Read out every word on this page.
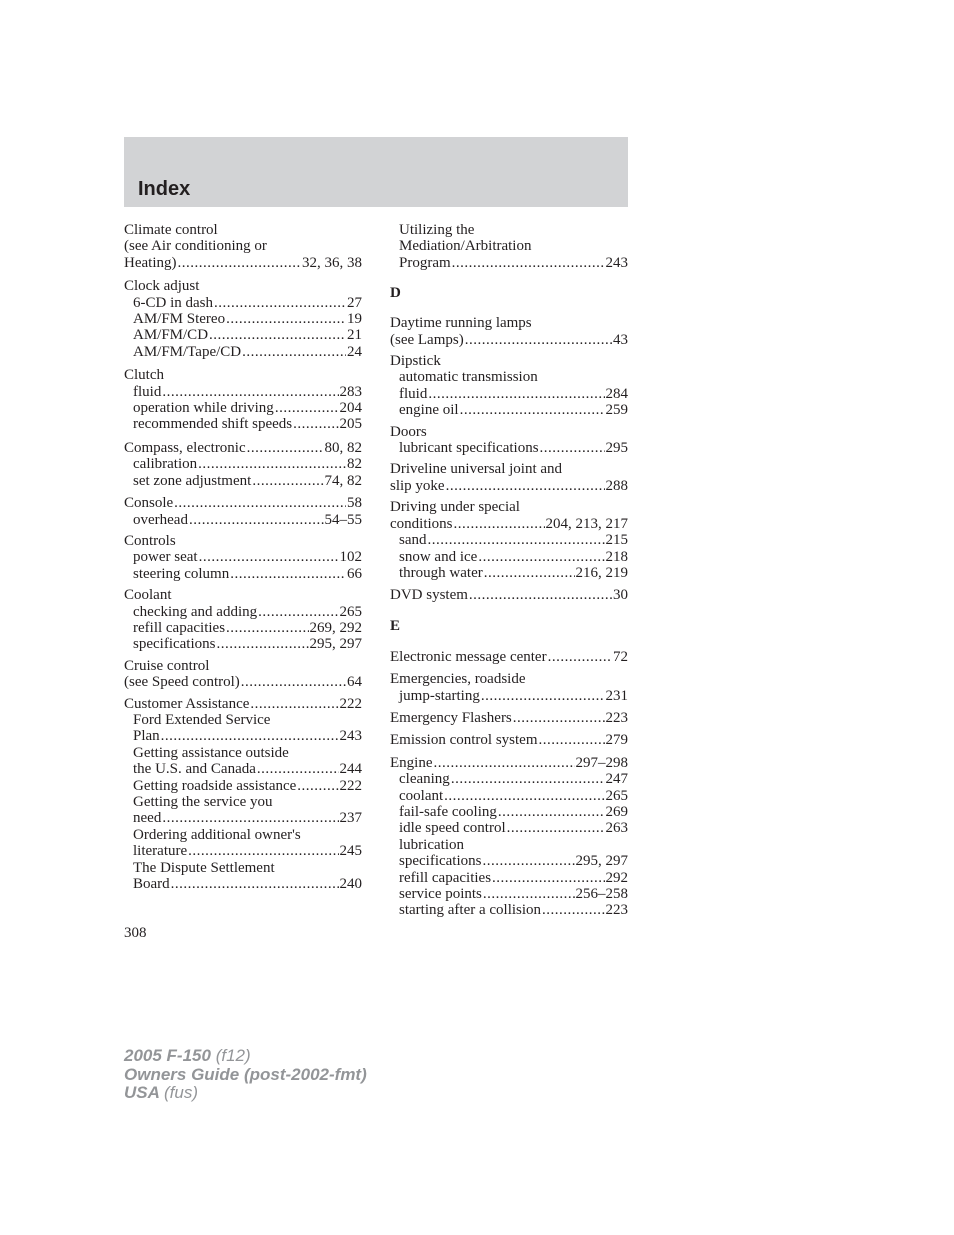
Index
Climate control
(see Air conditioning or
Heating) .....	32, 36, 38
Clock adjust
6-CD in dash .....	27
AM/FM Stereo .....	19
AM/FM/CD .....	21
AM/FM/Tape/CD .....	24
Clutch
fluid .....	283
operation while driving .....	204
recommended shift speeds .....	205
Compass, electronic .....	80, 82
calibration .....	82
set zone adjustment .....	74, 82
Console .....	58
overhead .....	54–55
Controls
power seat .....	102
steering column .....	66
Coolant
checking and adding .....	265
refill capacities .....	269, 292
specifications .....	295, 297
Cruise control
(see Speed control) .....	64
Customer Assistance .....	222
Ford Extended Service
Plan .....	243
Getting assistance outside
the U.S. and Canada .....	244
Getting roadside assistance .....	222
Getting the service you
need .....	237
Ordering additional owner's
literature .....	245
The Dispute Settlement
Board .....	240
Utilizing the
Mediation/Arbitration
Program .....	243
D
Daytime running lamps
(see Lamps) .....	43
Dipstick
automatic transmission
fluid .....	284
engine oil .....	259
Doors
lubricant specifications .....	295
Driveline universal joint and
slip yoke .....	288
Driving under special
conditions .....	204, 213, 217
sand .....	215
snow and ice .....	218
through water .....	216, 219
DVD system .....	30
E
Electronic message center .....	72
Emergencies, roadside
jump-starting .....	231
Emergency Flashers .....	223
Emission control system .....	279
Engine .....	297–298
cleaning .....	247
coolant .....	265
fail-safe cooling .....	269
idle speed control .....	263
lubrication
specifications .....	295, 297
refill capacities .....	292
service points .....	256–258
starting after a collision .....	223
308
2005 F-150 (f12)
Owners Guide (post-2002-fmt)
USA (fus)
